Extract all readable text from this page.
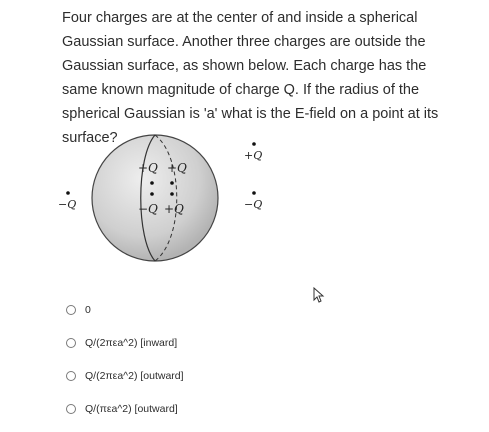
Four charges are at the center of and inside a spherical Gaussian surface. Another three charges are outside the Gaussian surface, as shown below. Each charge has the same known magnitude of charge Q. If the radius of the spherical Gaussian is 'a' what is the E-field on a point at its surface?

+Q +Q
−Q +Q
−Q
+Q
−Q
0
Q/(2πεa^2) [inward]
Q/(2πεa^2) [outward]
Q/(πεa^2) [outward]
